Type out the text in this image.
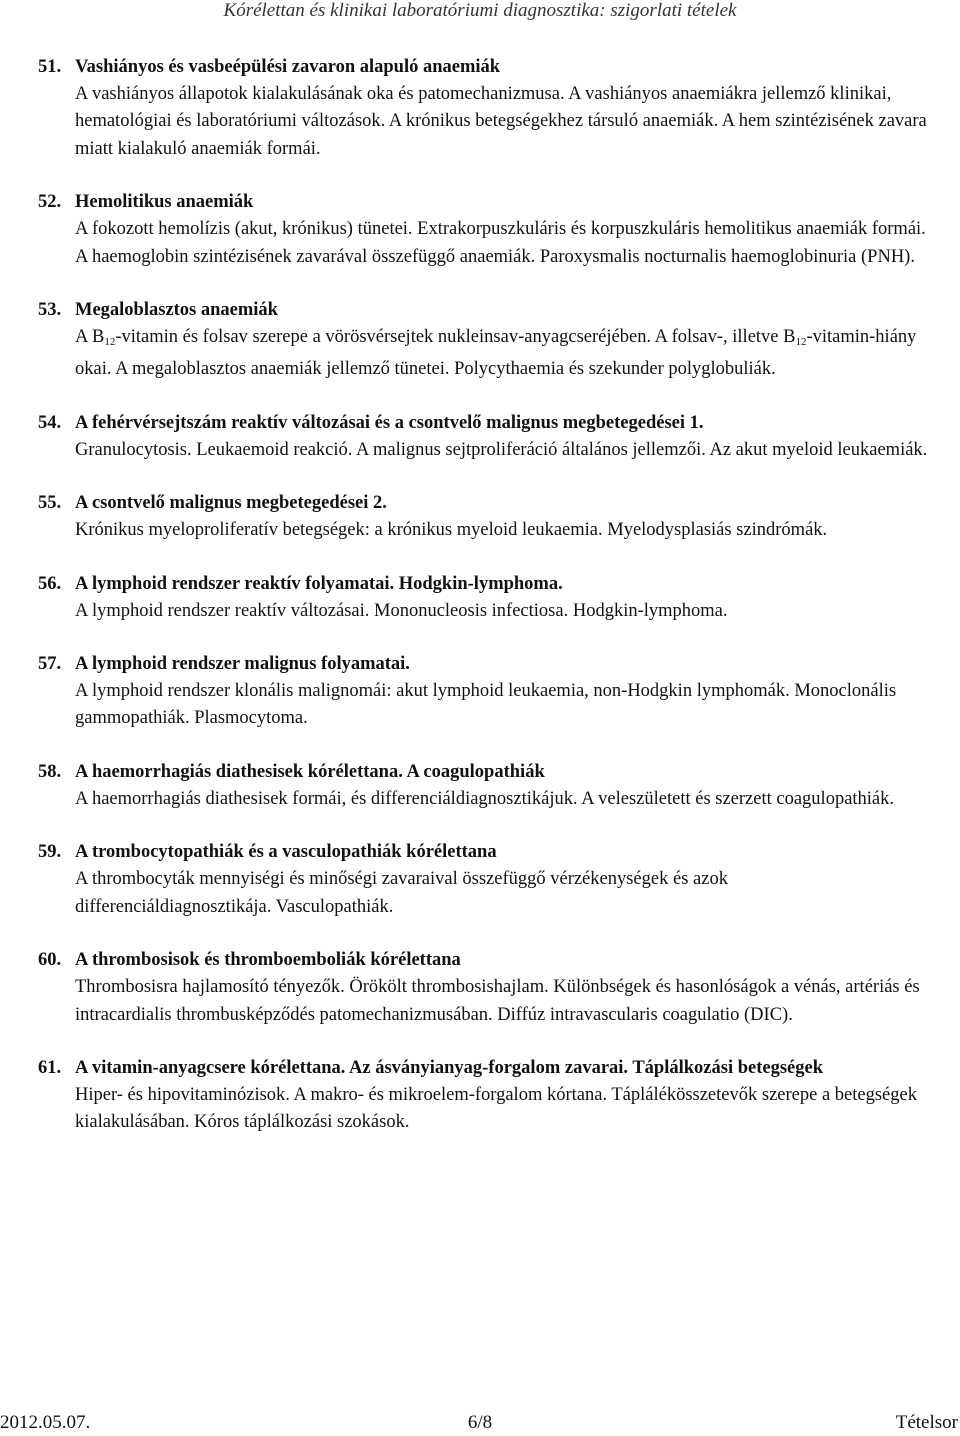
Kórélettan és klinikai laboratóriumi diagnosztika: szigorlati tételek
51. Vashiányos és vasbeépülési zavaron alapuló anaemiák
A vashiányos állapotok kialakulásának oka és patomechanizmusa. A vashiányos anaemiákra jellemző klinikai, hematológiai és laboratóriumi változások. A krónikus betegségekhez társuló anaemiák. A hem szintézisének zavara miatt kialakuló anaemiák formái.
52. Hemolitikus anaemiák
A fokozott hemolízis (akut, krónikus) tünetei. Extrakorpuszkuláris és korpuszkuláris hemolitikus anaemiák formái. A haemoglobin szintézisének zavarával összefüggő anaemiák. Paroxysmalis nocturnalis haemoglobinuria (PNH).
53. Megaloblasztos anaemiák
A $B_{12}$-vitamin és folsav szerepe a vörösvérsejtek nukleinsav-anyagcseréjében. A folsav-, illetve $B_{12}-vitamin$-hiány okai. A megaloblasztos anaemiák jellemző tünetei. Polycythaemia és szekunder polyglobuliák.
54. A fehérvérsejtszám reaktív változásai és a csontvelő malignus megbetegedései 1.
Granulocytosis. Leukaemoid reakció. A malignus sejtproliferáció általános jellemzői. Az akut myeloid leukaemiák.
55. A csontvelő malignus megbetegedései 2.
Krónikus myeloproliferatív betegségek: a krónikus myeloid leukaemia. Myelodysplasiás szindrómák.
56. A lymphoid rendszer reaktív folyamatai. Hodgkin-lymphoma.
A lymphoid rendszer reaktív változásai. Mononucleosis infectiosa. Hodgkin-lymphoma.
57. A lymphoid rendszer malignus folyamatai.
A lymphoid rendszer klonális malignomái: akut lymphoid leukaemia, non-Hodgkin lymphomák. Monoclonális gammopathiák. Plasmocytoma.
58. A haemorrhagiás diathesisek kórélettana. A coagulopathiák
A haemorrhagiás diathesisek formái, és differenciáldiagnosztikájuk. A veleszületett és szerzett coagulopathiák.
59. A trombocytopathiák és a vasculopathiák kórélettana
A thrombocyták mennyiségi és minőségi zavaraival összefüggő vérzékenységek és azok differenciáldiagnosztikája. Vasculopathiák.
60. A thrombosisok és thromboemboliák kórélettana
Thrombosisra hajlamosító tényezők. Örökölt thrombosishajlam. Különbségek és hasonlóságok a vénás, artériás és intracardialis thrombusképződés patomechanizmusában. Diffúz intravascularis coagulatio (DIC).
61. A vitamin-anyagcsere kórélettana. Az ásványianyag-forgalom zavarai. Táplálkozási betegségek
Hiper- és hipovitaminózisok. A makro- és mikroelem-forgalom kórtana. Táplálékösszetevők szerepe a betegségek kialakulásában. Kóros táplálkozási szokások.
2012.05.07.	6/8	Tételsor
